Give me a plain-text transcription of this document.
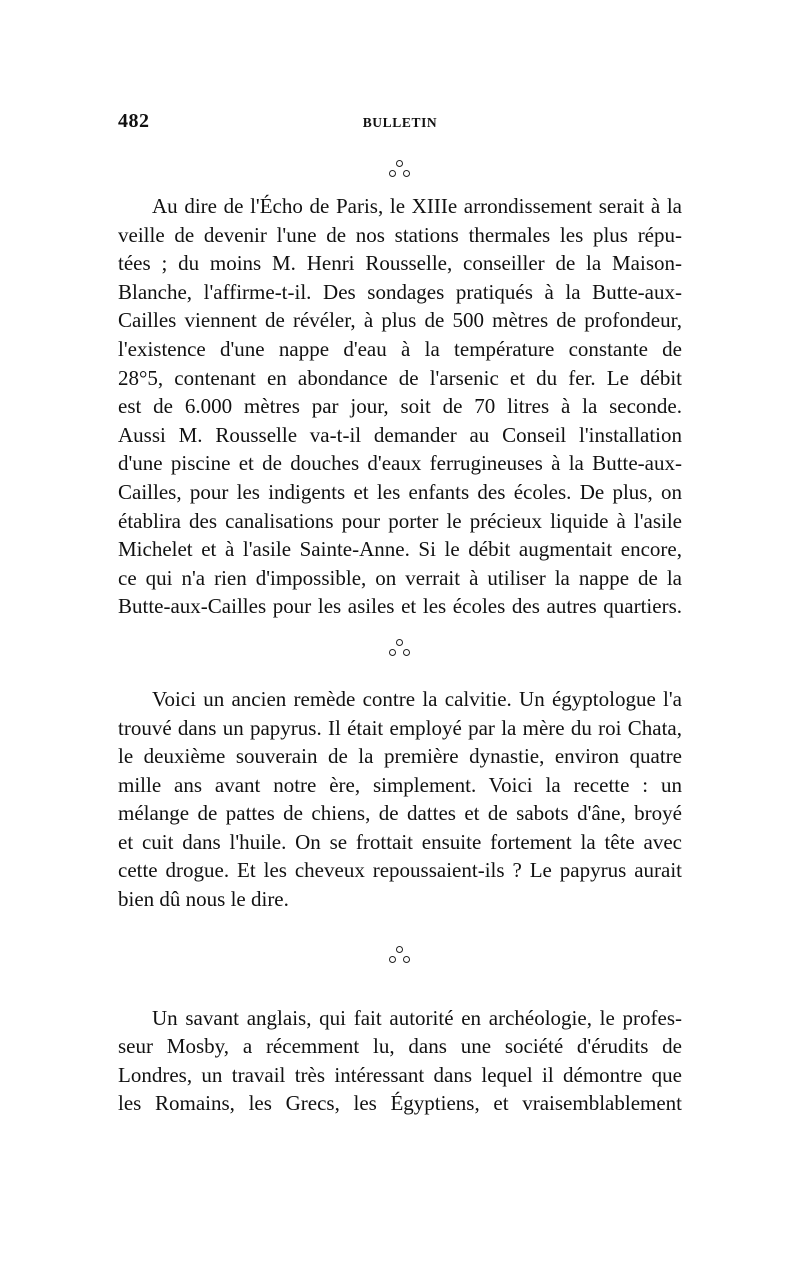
482	BULLETIN

Au dire de l'Écho de Paris, le XIIIe arrondissement serait à la
veille de devenir l'une de nos stations thermales les plus répu-
tées ; du moins M. Henri Rousselle, conseiller de la Maison-
Blanche, l'affirme-t-il. Des sondages pratiqués à la Butte-aux-
Cailles viennent de révéler, à plus de 500 mètres de profondeur,
l'existence d'une nappe d'eau à la température constante de
28°5, contenant en abondance de l'arsenic et du fer. Le débit
est de 6.000 mètres par jour, soit de 70 litres à la seconde.
Aussi M. Rousselle va-t-il demander au Conseil l'installation
d'une piscine et de douches d'eaux ferrugineuses à la Butte-aux-
Cailles, pour les indigents et les enfants des écoles. De plus, on
établira des canalisations pour porter le précieux liquide à l'asile
Michelet et à l'asile Sainte-Anne. Si le débit augmentait encore,
ce qui n'a rien d'impossible, on verrait à utiliser la nappe de la
Butte-aux-Cailles pour les asiles et les écoles des autres quartiers.

Voici un ancien remède contre la calvitie. Un égyptologue l'a
trouvé dans un papyrus. Il était employé par la mère du roi Chata,
le deuxième souverain de la première dynastie, environ quatre
mille ans avant notre ère, simplement. Voici la recette : un
mélange de pattes de chiens, de dattes et de sabots d'âne, broyé
et cuit dans l'huile. On se frottait ensuite fortement la tête avec
cette drogue. Et les cheveux repoussaient-ils ? Le papyrus aurait
bien dû nous le dire.

Un savant anglais, qui fait autorité en archéologie, le profes-
seur Mosby, a récemment lu, dans une société d'érudits de
Londres, un travail très intéressant dans lequel il démontre que
les Romains, les Grecs, les Égyptiens, et vraisemblablement
